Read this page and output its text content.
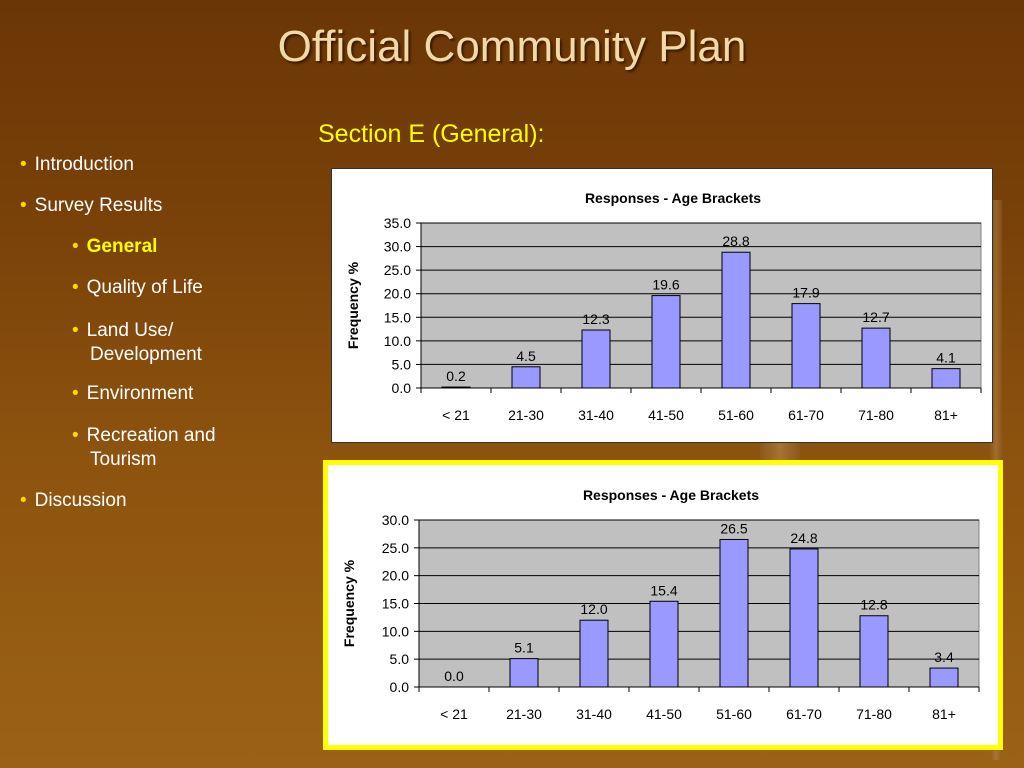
Official Community Plan
Section E (General):
• Introduction
• Survey Results
• General
• Quality of Life
• Land Use/
Development
• Environment
• Recreation and
Tourism
• Discussion
Responses - Age Brackets
0.0
5.0
10.0
15.0
20.0
25.0
30.0
35.0
0.2
< 21
4.5
21-30
12.3
31-40
19.6
41-50
28.8
51-60
17.9
61-70
12.7
71-80
4.1
81+
Frequency %
Responses - Age Brackets
0.0
5.0
10.0
15.0
20.0
25.0
30.0
0.0
< 21
5.1
21-30
12.0
31-40
15.4
41-50
26.5
51-60
24.8
61-70
12.8
71-80
3.4
81+
Frequency %
